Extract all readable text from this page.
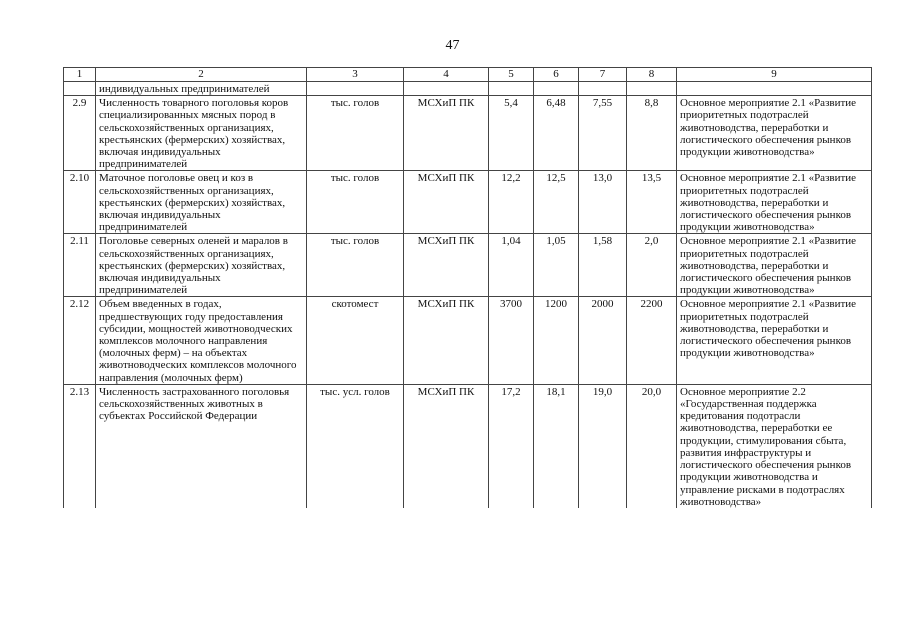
47
1	2	3	4	5	6	7	8	9
	индивидуальных предпринимателей							
2.9	Численность товарного поголовья коров специализированных мясных пород в сельскохозяйственных организациях, крестьянских (фермерских) хозяйствах, включая индивидуальных предпринимателей	тыс. голов	МСХиП ПК	5,4	6,48	7,55	8,8	Основное мероприятие 2.1 «Развитие приоритетных подотраслей животноводства, переработки и логистического обеспечения рынков продукции животноводства»
2.10	Маточное поголовье овец и коз в сельскохозяйственных организациях, крестьянских (фермерских) хозяйствах, включая индивидуальных предпринимателей	тыс. голов	МСХиП ПК	12,2	12,5	13,0	13,5	Основное мероприятие 2.1 «Развитие приоритетных подотраслей животноводства, переработки и логистического обеспечения рынков продукции животноводства»
2.11	Поголовье северных оленей и маралов в сельскохозяйственных организациях, крестьянских (фермерских) хозяйствах, включая индивидуальных предпринимателей	тыс. голов	МСХиП ПК	1,04	1,05	1,58	2,0	Основное мероприятие 2.1 «Развитие приоритетных подотраслей животноводства, переработки и логистического обеспечения рынков продукции животноводства»
2.12	Объем введенных в годах, предшествующих году предоставления субсидии, мощностей животноводческих комплексов молочного направления (молочных ферм) – на объектах животноводческих комплексов молочного направления (молочных ферм)	скотомест	МСХиП ПК	3700	1200	2000	2200	Основное мероприятие 2.1 «Развитие приоритетных подотраслей животноводства, переработки и логистического обеспечения рынков продукции животноводства»
2.13	Численность застрахованного поголовья сельскохозяйственных животных в субъектах Российской Федерации	тыс. усл. голов	МСХиП ПК	17,2	18,1	19,0	20,0	Основное мероприятие 2.2 «Государственная поддержка кредитования подотрасли животноводства, переработки ее продукции, стимулирования сбыта, развития инфраструктуры и логистического обеспечения рынков продукции животноводства и управление рисками в подотраслях животноводства»
